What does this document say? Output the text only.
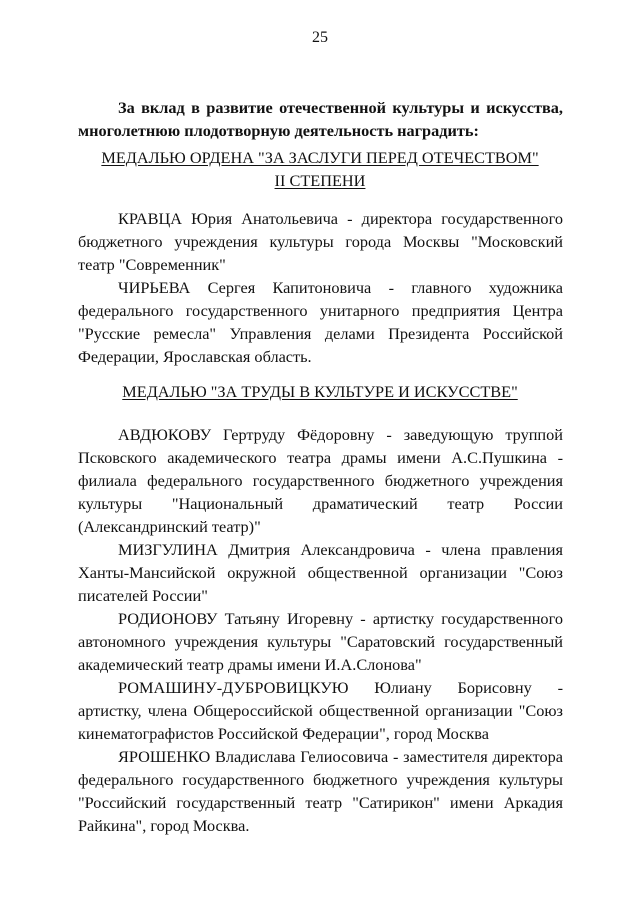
25

За вклад в развитие отечественной культуры и искусства, многолетнюю плодотворную деятельность наградить:

МЕДАЛЬЮ ОРДЕНА "ЗА ЗАСЛУГИ ПЕРЕД ОТЕЧЕСТВОМ"
II СТЕПЕНИ

КРАВЦА Юрия Анатольевича - директора государственного бюджетного учреждения культуры города Москвы "Московский театр "Современник"

ЧИРЬЕВА Сергея Капитоновича - главного художника федерального государственного унитарного предприятия Центра "Русские ремесла" Управления делами Президента Российской Федерации, Ярославская область.

МЕДАЛЬЮ "ЗА ТРУДЫ В КУЛЬТУРЕ И ИСКУССТВЕ"

АВДЮКОВУ Гертруду Фёдоровну - заведующую труппой Псковского академического театра драмы имени А.С.Пушкина - филиала федерального государственного бюджетного учреждения культуры "Национальный драматический театр России (Александринский театр)"

МИЗГУЛИНА Дмитрия Александровича - члена правления Ханты-Мансийской окружной общественной организации "Союз писателей России"

РОДИОНОВУ Татьяну Игоревну - артистку государственного автономного учреждения культуры "Саратовский государственный академический театр драмы имени И.А.Слонова"

РОМАШИНУ-ДУБРОВИЦКУЮ Юлиану Борисовну - артистку, члена Общероссийской общественной организации "Союз кинематографистов Российской Федерации", город Москва

ЯРОШЕНКО Владислава Гелиосовича - заместителя директора федерального государственного бюджетного учреждения культуры "Российский государственный театр "Сатирикон" имени Аркадия Райкина", город Москва.
